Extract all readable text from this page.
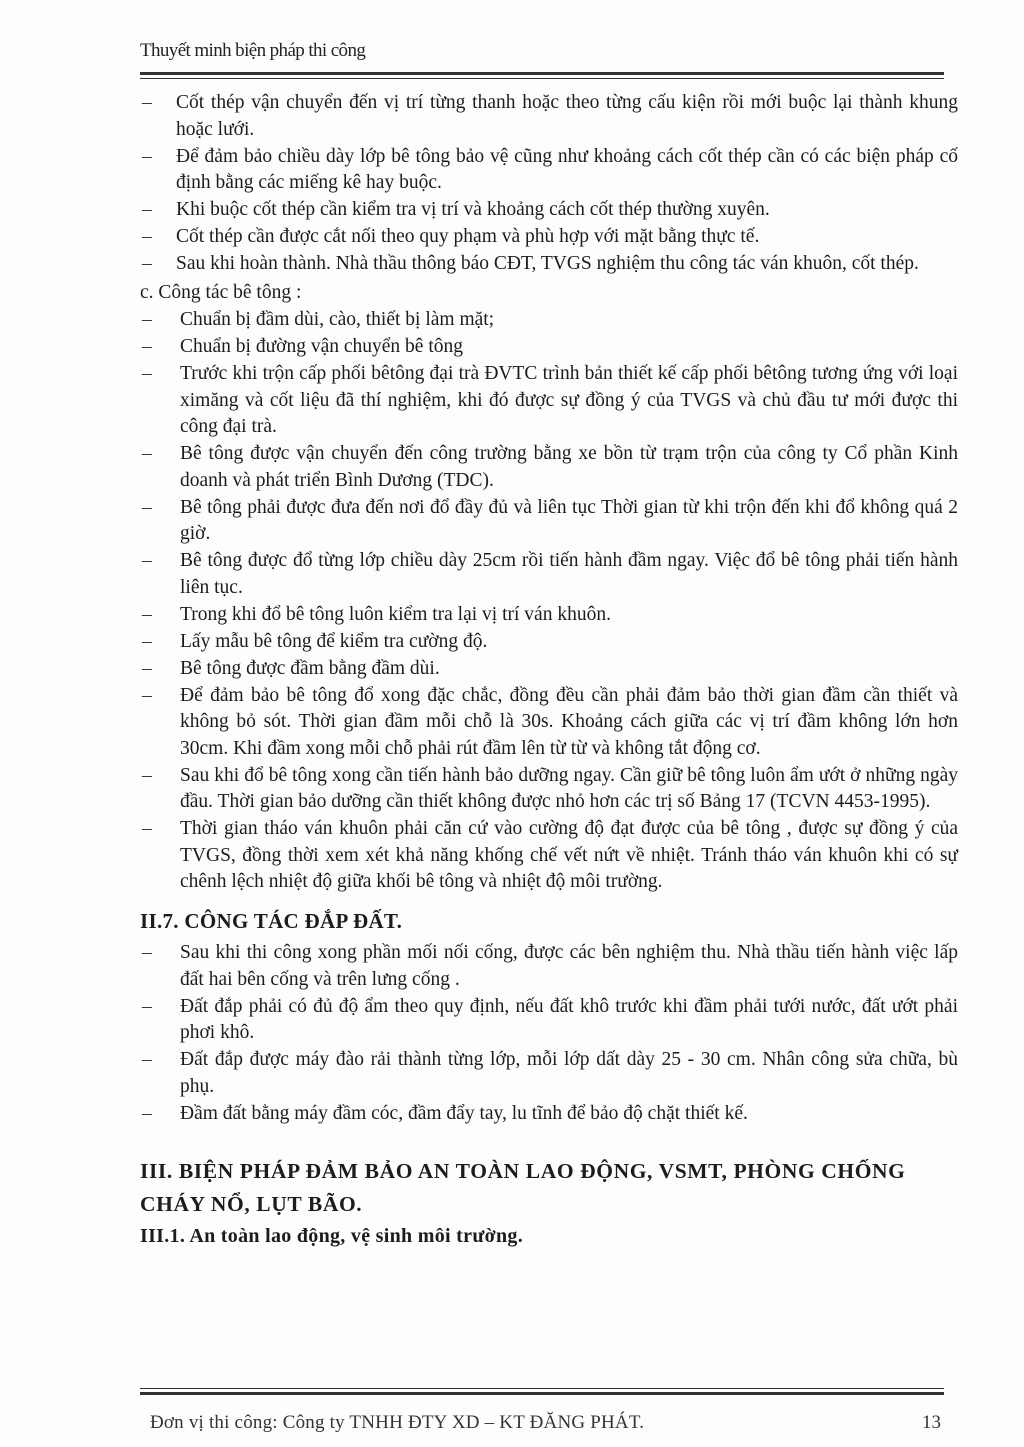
Thuyết minh biện pháp thi công
– Cốt thép vận chuyển đến vị trí từng thanh hoặc theo từng cấu kiện rồi mới buộc lại thành khung hoặc lưới.
– Để đảm bảo chiều dày lớp bê tông bảo vệ cũng như khoảng cách cốt thép cần có các biện pháp cố định bằng các miếng kê hay buộc.
– Khi buộc cốt thép cần kiểm tra vị trí và khoảng cách cốt thép thường xuyên.
– Cốt thép cần được cắt nối theo quy phạm và phù hợp với mặt bằng thực tế.
– Sau khi hoàn thành. Nhà thầu thông báo CĐT, TVGS nghiệm thu công tác ván khuôn, cốt thép.
c. Công tác bê tông :
– Chuẩn bị đầm dùi, cào, thiết bị làm mặt;
– Chuẩn bị đường vận chuyển bê tông
– Trước khi trộn cấp phối bêtông đại trà ĐVTC trình bản thiết kế cấp phối bêtông tương ứng với loại ximăng và cốt liệu đã thí nghiệm, khi đó được sự đồng ý của TVGS và chủ đầu tư mới được thi công đại trà.
– Bê tông được vận chuyển đến công trường bằng xe bồn từ trạm trộn của công ty Cổ phần Kinh doanh và phát triển Bình Dương (TDC).
– Bê tông phải được đưa đến nơi đổ đầy đủ và liên tục Thời gian từ khi trộn đến khi đổ không quá 2 giờ.
– Bê tông được đổ từng lớp chiều dày 25cm rồi tiến hành đầm ngay. Việc đổ bê tông phải tiến hành liên tục.
– Trong khi đổ bê tông luôn kiểm tra lại vị trí ván khuôn.
– Lấy mẫu bê tông để kiểm tra cường độ.
– Bê tông được đầm bằng đầm dùi.
– Để đảm bảo bê tông đổ xong đặc chắc, đồng đều cần phải đảm bảo thời gian đầm cần thiết và không bỏ sót. Thời gian đầm mỗi chỗ là 30s. Khoảng cách giữa các vị trí đầm không lớn hơn 30cm. Khi đầm xong mỗi chỗ phải rút đầm lên từ từ và không tắt động cơ.
– Sau khi đổ bê tông xong cần tiến hành bảo dưỡng ngay. Cần giữ bê tông luôn ẩm ướt ở những ngày đầu. Thời gian bảo dưỡng cần thiết không được nhỏ hơn các trị số Bảng 17 (TCVN 4453-1995).
– Thời gian tháo ván khuôn phải căn cứ vào cường độ đạt được của bê tông , được sự đồng ý của TVGS, đồng thời xem xét khả năng khống chế vết nứt về nhiệt. Tránh tháo ván khuôn khi có sự chênh lệch nhiệt độ giữa khối bê tông và nhiệt độ môi trường.
II.7. CÔNG TÁC ĐẮP ĐẤT.
– Sau khi thi công xong phần mối nối cống, được các bên nghiệm thu. Nhà thầu tiến hành việc lấp đất hai bên cống và trên lưng cống .
– Đất đắp phải có đủ độ ẩm theo quy định, nếu đất khô trước khi đầm phải tưới nước, đất ướt phải phơi khô.
– Đất đắp được máy đào rải thành từng lớp, mỗi lớp dất dày 25 - 30 cm. Nhân công sửa chữa, bù phụ.
– Đầm đất bằng máy đầm cóc, đầm đẩy tay, lu tĩnh để bảo độ chặt thiết kế.
III. BIỆN PHÁP ĐẢM BẢO AN TOÀN LAO ĐỘNG, VSMT, PHÒNG CHỐNG CHÁY NỔ, LỤT BÃO.
III.1. An toàn lao động, vệ sinh môi trường.
Đơn vị thi công: Công ty TNHH ĐTY XD – KT ĐĂNG PHÁT.	13
